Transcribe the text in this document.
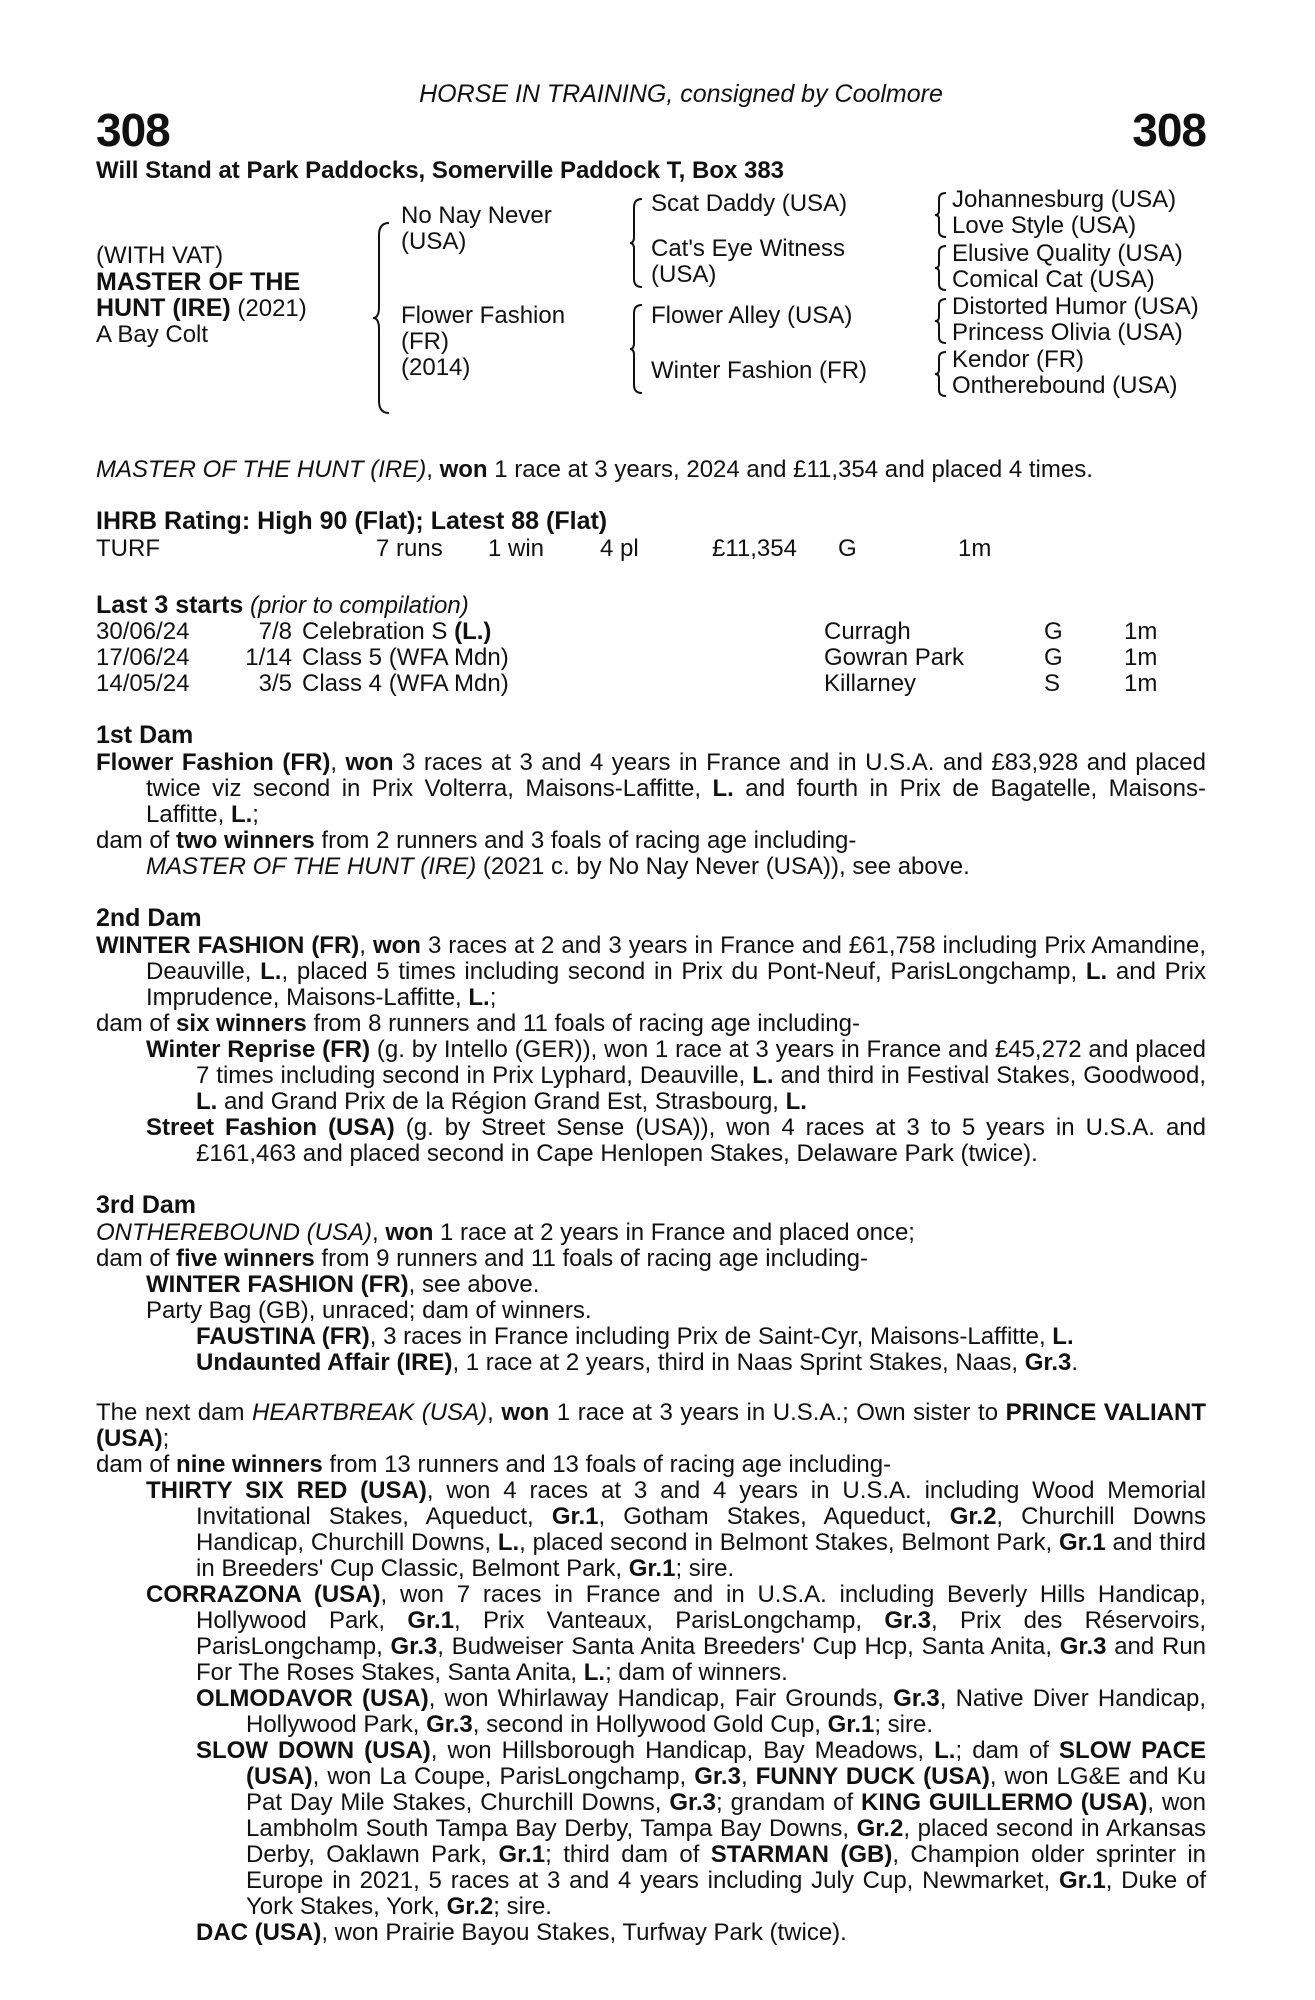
HORSE IN TRAINING, consigned by Coolmore
308	308
Will Stand at Park Paddocks, Somerville Paddock T, Box 383
(WITH VAT)
MASTER OF THE
HUNT (IRE) (2021)
A Bay Colt
No Nay Never
(USA)
Flower Fashion
(FR)
(2014)
Scat Daddy (USA)
Cat's Eye Witness
(USA)
Flower Alley (USA)
Winter Fashion (FR)
Johannesburg (USA)
Love Style (USA)
Elusive Quality (USA)
Comical Cat (USA)
Distorted Humor (USA)
Princess Olivia (USA)
Kendor (FR)
Ontherebound (USA)

MASTER OF THE HUNT (IRE), won 1 race at 3 years, 2024 and £11,354 and placed 4 times.

IHRB Rating: High 90 (Flat); Latest 88 (Flat)
TURF	7 runs	1 win	4 pl	£11,354	G	1m
Last 3 starts (prior to compilation)
30/06/24	7/8	Celebration S (L.)	Curragh	G	1m
17/06/24	1/14	Class 5 (WFA Mdn)	Gowran Park	G	1m
14/05/24	3/5	Class 4 (WFA Mdn)	Killarney	S	1m
1st Dam

Flower Fashion (FR), won 3 races at 3 and 4 years in France and in U.S.A. and £83,928 and placed twice viz second in Prix Volterra, Maisons-Laffitte, L. and fourth in Prix de Bagatelle, Maisons-Laffitte, L.;

dam of two winners from 2 runners and 3 foals of racing age including-

MASTER OF THE HUNT (IRE) (2021 c. by No Nay Never (USA)), see above.

2nd Dam

WINTER FASHION (FR), won 3 races at 2 and 3 years in France and £61,758 including Prix Amandine, Deauville, L., placed 5 times including second in Prix du Pont-Neuf, ParisLongchamp, L. and Prix Imprudence, Maisons-Laffitte, L.;

dam of six winners from 8 runners and 11 foals of racing age including-

Winter Reprise (FR) (g. by Intello (GER)), won 1 race at 3 years in France and £45,272 and placed 7 times including second in Prix Lyphard, Deauville, L. and third in Festival Stakes, Goodwood, L. and Grand Prix de la Région Grand Est, Strasbourg, L.

Street Fashion (USA) (g. by Street Sense (USA)), won 4 races at 3 to 5 years in U.S.A. and £161,463 and placed second in Cape Henlopen Stakes, Delaware Park (twice).

3rd Dam

ONTHEREBOUND (USA), won 1 race at 2 years in France and placed once;

dam of five winners from 9 runners and 11 foals of racing age including-

WINTER FASHION (FR), see above.

Party Bag (GB), unraced; dam of winners.

FAUSTINA (FR), 3 races in France including Prix de Saint-Cyr, Maisons-Laffitte, L.

Undaunted Affair (IRE), 1 race at 2 years, third in Naas Sprint Stakes, Naas, Gr.3.

The next dam HEARTBREAK (USA), won 1 race at 3 years in U.S.A.; Own sister to PRINCE VALIANT (USA);

dam of nine winners from 13 runners and 13 foals of racing age including-

THIRTY SIX RED (USA), won 4 races at 3 and 4 years in U.S.A. including Wood Memorial Invitational Stakes, Aqueduct, Gr.1, Gotham Stakes, Aqueduct, Gr.2, Churchill Downs Handicap, Churchill Downs, L., placed second in Belmont Stakes, Belmont Park, Gr.1 and third in Breeders' Cup Classic, Belmont Park, Gr.1; sire.

CORRAZONA (USA), won 7 races in France and in U.S.A. including Beverly Hills Handicap, Hollywood Park, Gr.1, Prix Vanteaux, ParisLongchamp, Gr.3, Prix des Réservoirs, ParisLongchamp, Gr.3, Budweiser Santa Anita Breeders' Cup Hcp, Santa Anita, Gr.3 and Run For The Roses Stakes, Santa Anita, L.; dam of winners.

OLMODAVOR (USA), won Whirlaway Handicap, Fair Grounds, Gr.3, Native Diver Handicap, Hollywood Park, Gr.3, second in Hollywood Gold Cup, Gr.1; sire.

SLOW DOWN (USA), won Hillsborough Handicap, Bay Meadows, L.; dam of SLOW PACE (USA), won La Coupe, ParisLongchamp, Gr.3, FUNNY DUCK (USA), won LG&E and Ku Pat Day Mile Stakes, Churchill Downs, Gr.3; grandam of KING GUILLERMO (USA), won Lambholm South Tampa Bay Derby, Tampa Bay Downs, Gr.2, placed second in Arkansas Derby, Oaklawn Park, Gr.1; third dam of STARMAN (GB), Champion older sprinter in Europe in 2021, 5 races at 3 and 4 years including July Cup, Newmarket, Gr.1, Duke of York Stakes, York, Gr.2; sire.

DAC (USA), won Prairie Bayou Stakes, Turfway Park (twice).
